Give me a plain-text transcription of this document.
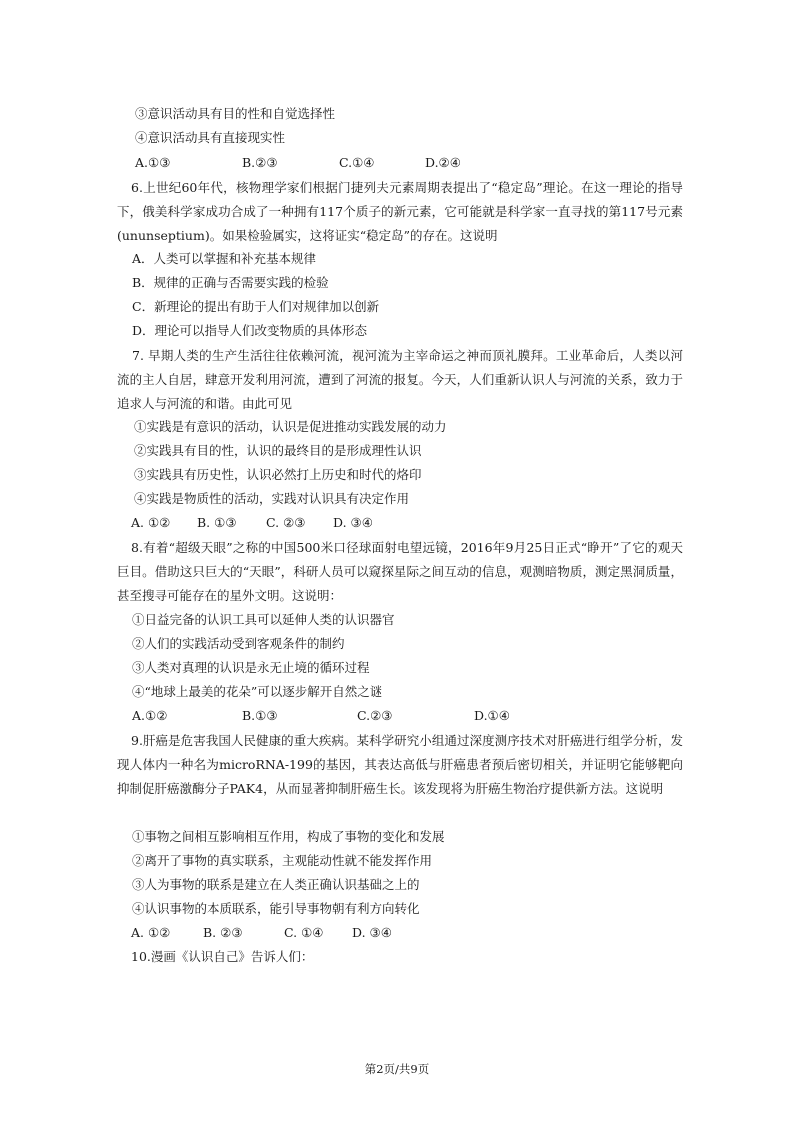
③意识活动具有目的性和自觉选择性
④意识活动具有直接现实性
A.①③	B.②③	C.①④	D.②④
6.上世纪60年代，核物理学家们根据门捷列夫元素周期表提出了“稳定岛”理论。在这一理论的指导下，俄美科学家成功合成了一种拥有117个质子的新元素，它可能就是科学家一直寻找的第117号元素(ununseptium)。如果检验属实，这将证实“稳定岛”的存在。这说明
A．人类可以掌握和补充基本规律
B．规律的正确与否需要实践的检验
C．新理论的提出有助于人们对规律加以创新
D．理论可以指导人们改变物质的具体形态
7. 早期人类的生产生活往往依赖河流，视河流为主宰命运之神而顶礼膜拜。工业革命后，人类以河流的主人自居，肆意开发利用河流，遭到了河流的报复。今天，人们重新认识人与河流的关系，致力于追求人与河流的和谐。由此可见
①实践是有意识的活动，认识是促进推动实践发展的动力
②实践具有目的性，认识的最终目的是形成理性认识
③实践具有历史性，认识必然打上历史和时代的烙印
④实践是物质性的活动，实践对认识具有决定作用
A. ①② B. ①③ C. ②③ D. ③④
8.有着“超级天眼”之称的中国500米口径球面射电望远镜，2016年9月25日正式“睁开”了它的观天巨目。借助这只巨大的“天眼”，科研人员可以窥探星际之间互动的信息，观测暗物质，测定黑洞质量，甚至搜寻可能存在的星外文明。这说明：
①日益完备的认识工具可以延伸人类的认识器官
②人们的实践活动受到客观条件的制约
③人类对真理的认识是永无止境的循环过程
④“地球上最美的花朵”可以逐步解开自然之谜
A.①②	B.①③	C.②③	D.①④
9.肝癌是危害我国人民健康的重大疾病。某科学研究小组通过深度测序技术对肝癌进行组学分析，发现人体内一种名为microRNA-199的基因，其表达高低与肝癌患者预后密切相关，并证明它能够靶向抑制促肝癌激酶分子PAK4，从而显著抑制肝癌生长。该发现将为肝癌生物治疗提供新方法。这说明
①事物之间相互影响相互作用，构成了事物的变化和发展
②离开了事物的真实联系，主观能动性就不能发挥作用
③人为事物的联系是建立在人类正确认识基础之上的
④认识事物的本质联系，能引导事物朝有利方向转化
A. ①②	B. ②③	C. ①④ D. ③④
10.漫画《认识自己》告诉人们：
第2页/共9页
